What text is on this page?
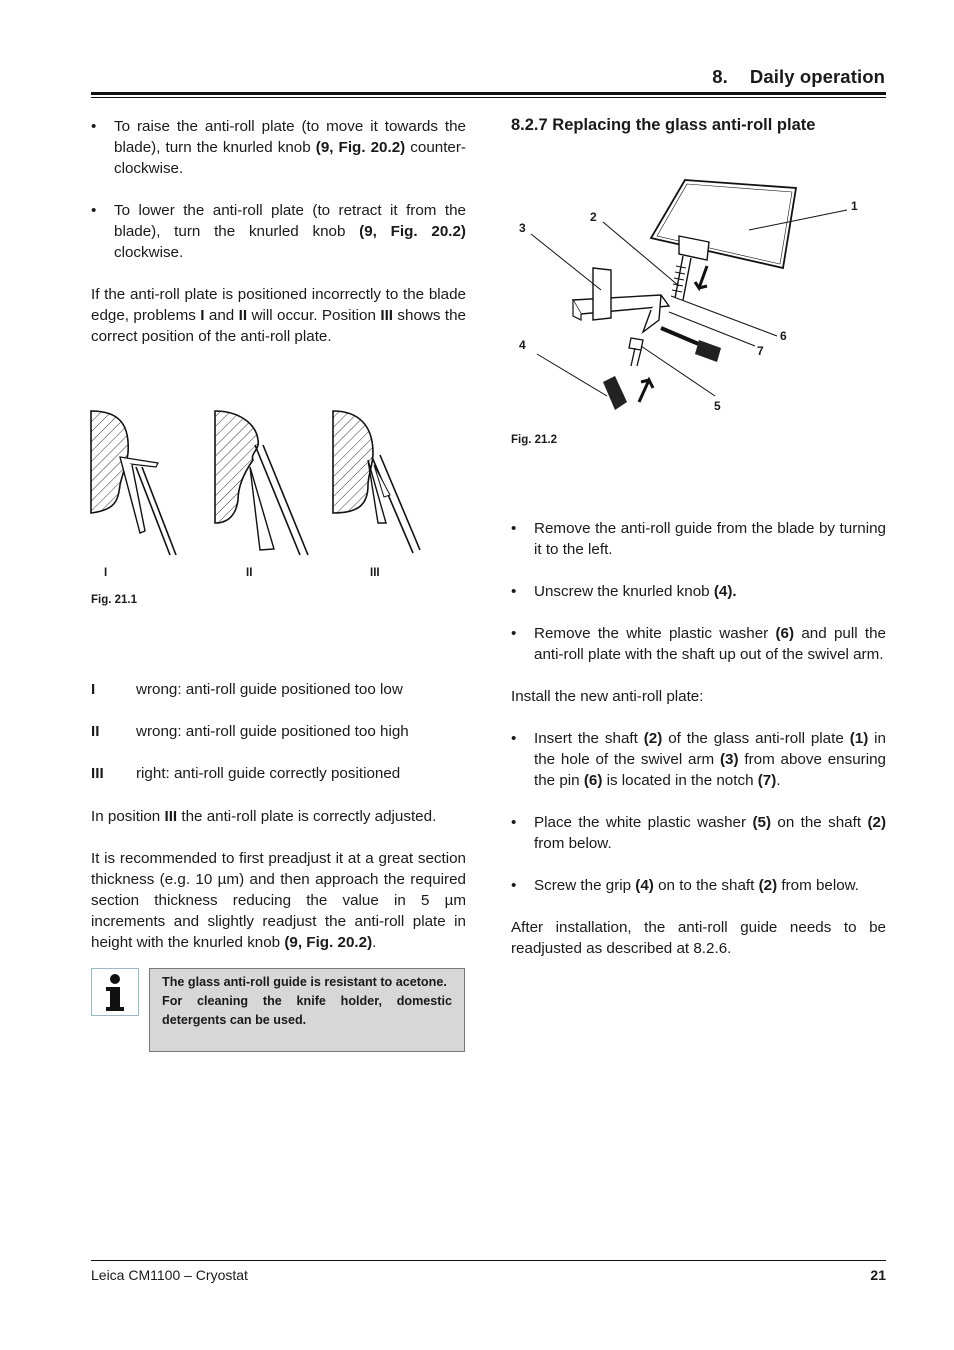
8. Daily operation
• To raise the anti-roll plate (to move it towards the blade), turn the knurled knob (9, Fig. 20.2) counter-clockwise.
• To lower the anti-roll plate (to retract it from the blade), turn the knurled knob (9, Fig. 20.2) clockwise.
If the anti-roll plate is positioned incorrectly to the blade edge, problems I and II will occur. Position III shows the correct position of the anti-roll plate.
I	II	III
Fig. 21.1
I	wrong: anti-roll guide positioned too low
II wrong: anti-roll guide positioned too high
III right: anti-roll guide correctly positioned
In position III the anti-roll plate is correctly adjusted.
It is recommended to first preadjust it at a great section thickness (e.g. 10 µm) and then approach the required section thickness reducing the value in 5 µm increments and slightly readjust the anti-roll plate in height with the knurled knob (9, Fig. 20.2).
The glass anti-roll guide is resistant to acetone.
For cleaning the knife holder, domestic detergents can be used.
8.2.7 Replacing the glass anti-roll plate
1
2
3
4
5
6
7
Fig. 21.2
• Remove the anti-roll guide from the blade by turning it to the left.
• Unscrew the knurled knob (4).
• Remove the white plastic washer (6) and pull the anti-roll plate with the shaft up out of the swivel arm.
Install the new anti-roll plate:
• Insert the shaft (2) of the glass anti-roll plate (1) in the hole of the swivel arm (3) from above ensuring the pin (6) is located in the notch (7).
• Place the white plastic washer (5) on the shaft (2) from below.
• Screw the grip (4) on to the shaft (2) from below.
After installation, the anti-roll guide needs to be readjusted as described at 8.2.6.
Leica CM1100 – Cryostat	21
